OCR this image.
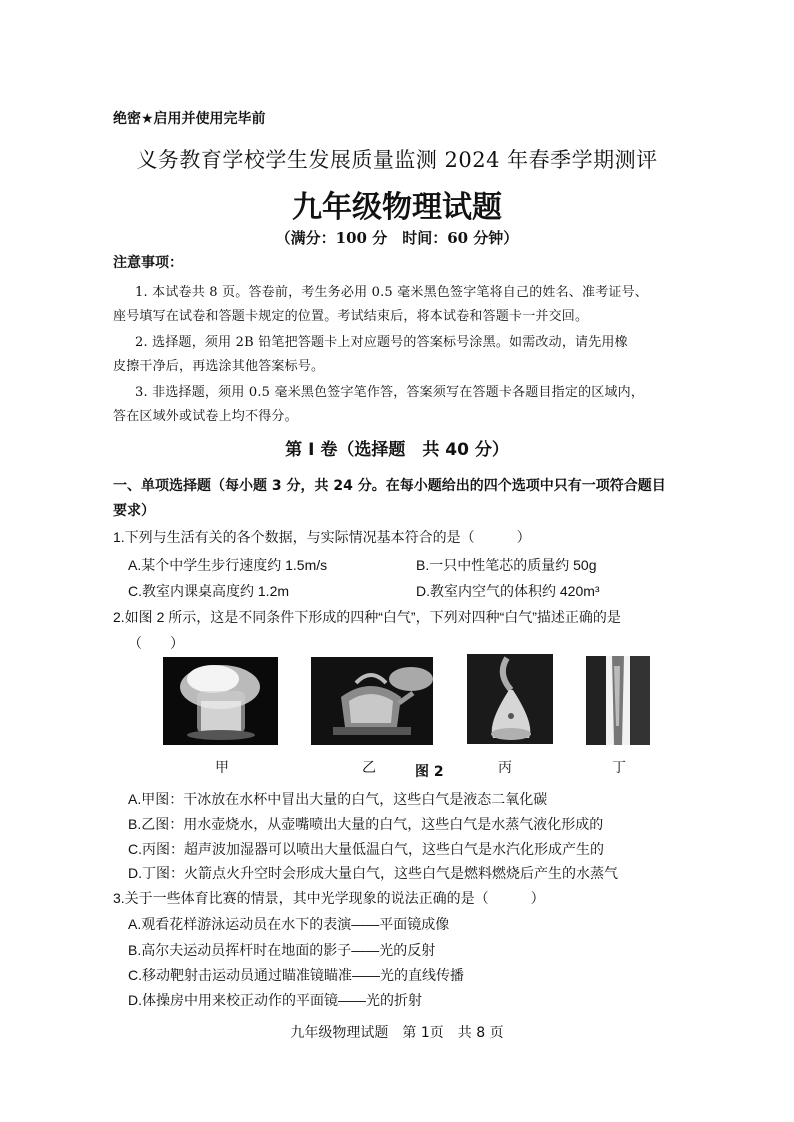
绝密★启用并使用完毕前
义务教育学校学生发展质量监测 2024 年春季学期测评
九年级物理试题
（满分：100 分　时间：60 分钟）
注意事项：
1. 本试卷共 8 页。答卷前，考生务必用 0.5 毫米黑色签字笔将自己的姓名、准考证号、
座号填写在试卷和答题卡规定的位置。考试结束后，将本试卷和答题卡一并交回。
2. 选择题，须用 2B 铅笔把答题卡上对应题号的答案标号涂黑。如需改动，请先用橡
皮擦干净后，再选涂其他答案标号。
3. 非选择题，须用 0.5 毫米黑色签字笔作答，答案须写在答题卡各题目指定的区域内，
答在区域外或试卷上均不得分。
第 I 卷（选择题　共 40 分）
一、单项选择题（每小题 3 分，共 24 分。在每小题给出的四个选项中只有一项符合题目
要求）
1.下列与生活有关的各个数据，与实际情况基本符合的是（　　　）
A.某个中学生步行速度约 1.5m/s	B.一只中性笔芯的质量约 50g
C.教室内课桌高度约 1.2m	D.教室内空气的体积约 420m³
2.如图 2 所示，这是不同条件下形成的四种“白气”，下列对四种“白气”描述正确的是
（　　）
甲	乙	图 2	丙	丁
A.甲图：干冰放在水杯中冒出大量的白气，这些白气是液态二氧化碳
B.乙图：用水壶烧水，从壶嘴喷出大量的白气，这些白气是水蒸气液化形成的
C.丙图：超声波加湿器可以喷出大量低温白气，这些白气是水汽化形成产生的
D.丁图：火箭点火升空时会形成大量白气，这些白气是燃料燃烧后产生的水蒸气
3.关于一些体育比赛的情景，其中光学现象的说法正确的是（　　　）
A.观看花样游泳运动员在水下的表演——平面镜成像
B.高尔夫运动员挥杆时在地面的影子——光的反射
C.移动靶射击运动员通过瞄准镜瞄准——光的直线传播
D.体操房中用来校正动作的平面镜——光的折射
九年级物理试题　第 1页　共 8 页
